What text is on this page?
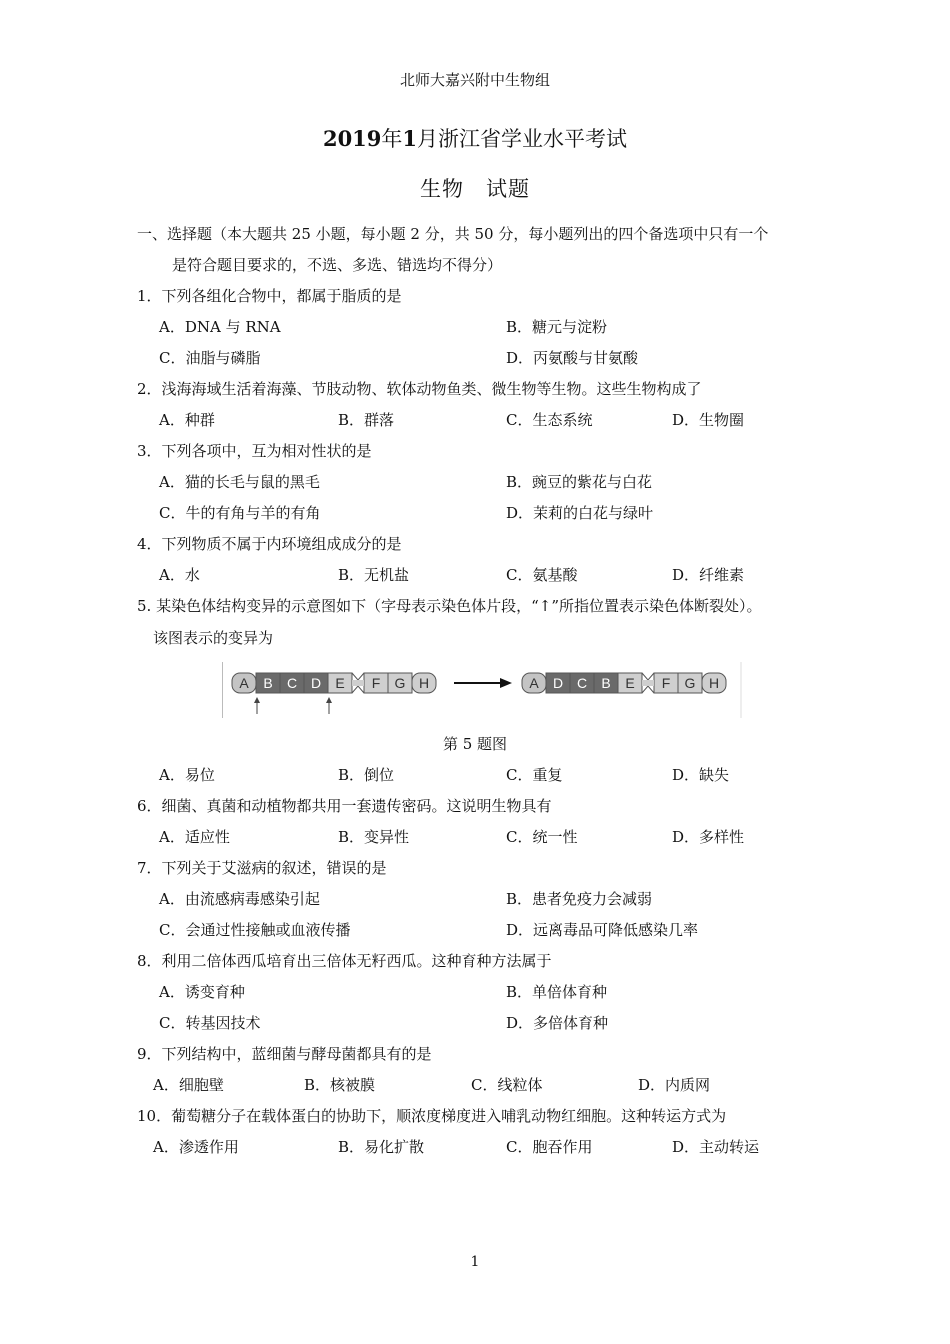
北师大嘉兴附中生物组
2019年1月浙江省学业水平考试
生物 试题
一、选择题（本大题共 25 小题，每小题 2 分，共 50 分，每小题列出的四个备选项中只有一个
是符合题目要求的，不选、多选、错选均不得分）
1．下列各组化合物中，都属于脂质的是
A．DNA 与 RNA	B．糖元与淀粉
C．油脂与磷脂	D．丙氨酸与甘氨酸
2．浅海海域生活着海藻、节肢动物、软体动物鱼类、微生物等生物。这些生物构成了
A．种群	B．群落	C．生态系统	D．生物圈
3．下列各项中，互为相对性状的是
A．猫的长毛与鼠的黑毛	B．豌豆的紫花与白花
C．牛的有角与羊的有角	D．茉莉的白花与绿叶
4．下列物质不属于内环境组成成分的是
A．水	B．无机盐	C．氨基酸	D．纤维素
5. 某染色体结构变异的示意图如下（字母表示染色体片段，“↑”所指位置表示染色体断裂处）。
该图表示的变异为
A B C D E F G H	A D C B E F G H
第 5 题图
A．易位	B．倒位	C．重复	D．缺失
6．细菌、真菌和动植物都共用一套遗传密码。这说明生物具有
A．适应性	B．变异性	C．统一性	D．多样性
7．下列关于艾滋病的叙述，错误的是
A．由流感病毒感染引起	B．患者免疫力会减弱
C．会通过性接触或血液传播	D．远离毒品可降低感染几率
8．利用二倍体西瓜培育出三倍体无籽西瓜。这种育种方法属于
A．诱变育种	B．单倍体育种
C．转基因技术	D．多倍体育种
9．下列结构中，蓝细菌与酵母菌都具有的是
A．细胞壁	B．核被膜	C．线粒体	D．内质网
10．葡萄糖分子在载体蛋白的协助下，顺浓度梯度进入哺乳动物红细胞。这种转运方式为
A．渗透作用	B．易化扩散	C．胞吞作用	D．主动转运
1
